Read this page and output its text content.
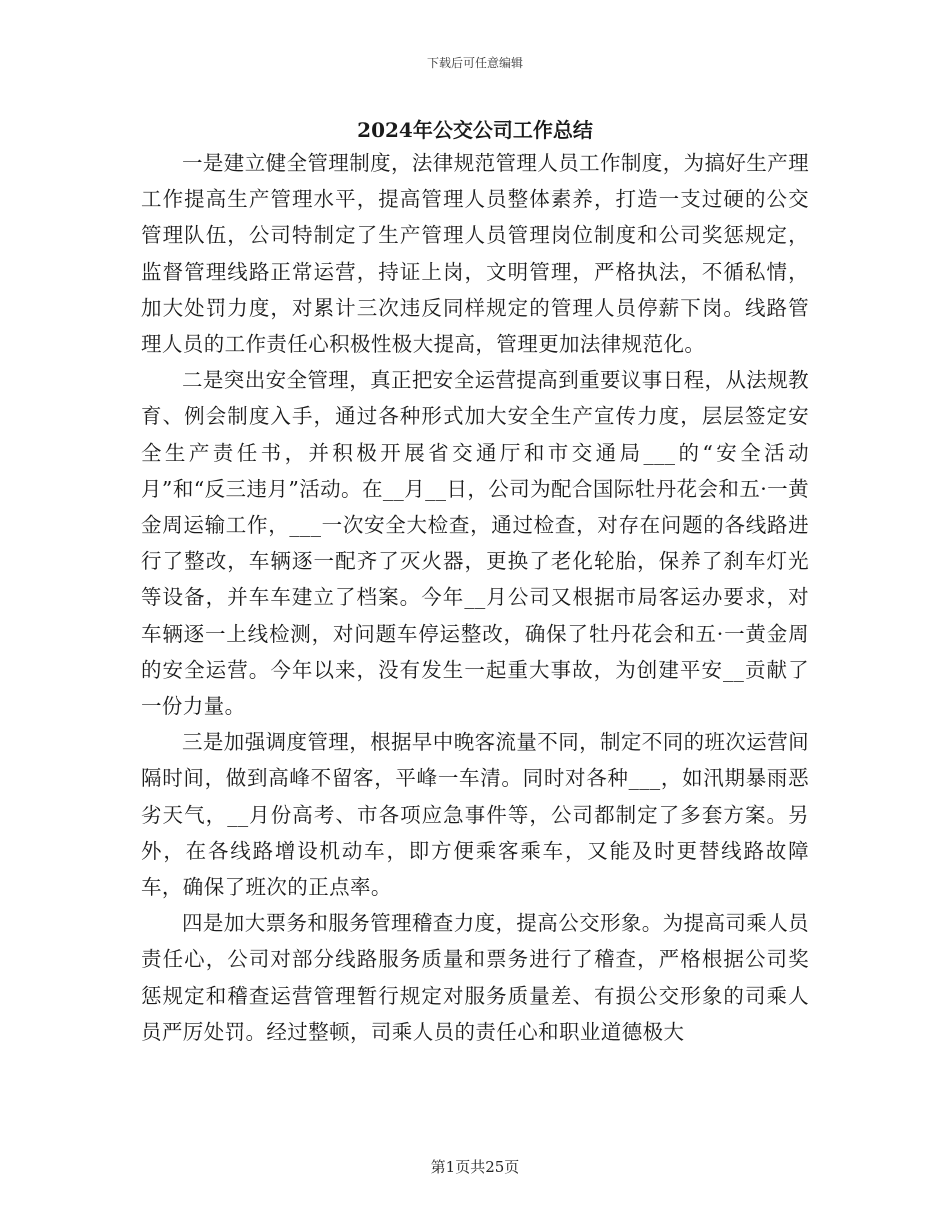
下载后可任意编辑
2024年公交公司工作总结

一是建立健全管理制度，法律规范管理人员工作制度，为搞好生产理工作提高生产管理水平，提高管理人员整体素养，打造一支过硬的公交管理队伍，公司特制定了生产管理人员管理岗位制度和公司奖惩规定，监督管理线路正常运营，持证上岗，文明管理，严格执法，不循私情，加大处罚力度，对累计三次违反同样规定的管理人员停薪下岗。线路管理人员的工作责任心积极性极大提高，管理更加法律规范化。

二是突出安全管理，真正把安全运营提高到重要议事日程，从法规教育、例会制度入手，通过各种形式加大安全生产宣传力度，层层签定安全生产责任书，并积极开展省交通厅和市交通局___的“安全活动月”和“反三违月”活动。在__月__日，公司为配合国际牡丹花会和五·一黄金周运输工作，___一次安全大检查，通过检查，对存在问题的各线路进行了整改，车辆逐一配齐了灭火器，更换了老化轮胎，保养了刹车灯光等设备，并车车建立了档案。今年__月公司又根据市局客运办要求，对车辆逐一上线检测，对问题车停运整改，确保了牡丹花会和五·一黄金周的安全运营。今年以来，没有发生一起重大事故，为创建平安__贡献了一份力量。

三是加强调度管理，根据早中晚客流量不同，制定不同的班次运营间隔时间，做到高峰不留客，平峰一车清。同时对各种___，如汛期暴雨恶劣天气，__月份高考、市各项应急事件等，公司都制定了多套方案。另外，在各线路增设机动车，即方便乘客乘车，又能及时更替线路故障车，确保了班次的正点率。

四是加大票务和服务管理稽查力度，提高公交形象。为提高司乘人员责任心，公司对部分线路服务质量和票务进行了稽查，严格根据公司奖惩规定和稽查运营管理暂行规定对服务质量差、有损公交形象的司乘人员严厉处罚。经过整顿，司乘人员的责任心和职业道德极大

第1页共25页
